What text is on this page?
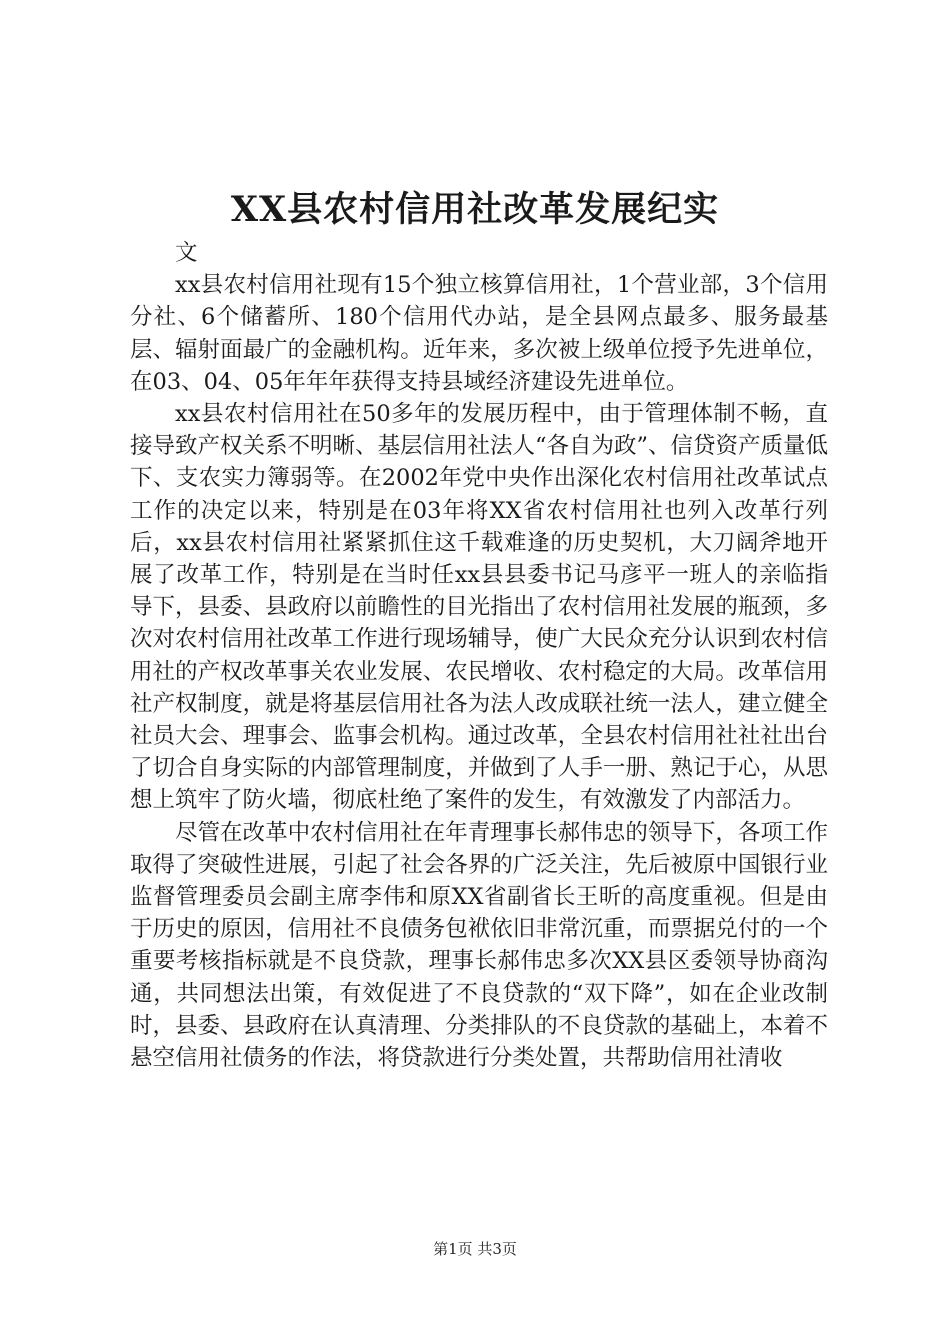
XX县农村信用社改革发展纪实

文

xx县农村信用社现有15个独立核算信用社，1个营业部，3个信用分社、6个储蓄所、180个信用代办站，是全县网点最多、服务最基层、辐射面最广的金融机构。近年来，多次被上级单位授予先进单位，在03、04、05年年年获得支持县域经济建设先进单位。

xx县农村信用社在50多年的发展历程中，由于管理体制不畅，直接导致产权关系不明晰、基层信用社法人“各自为政”、信贷资产质量低下、支农实力簿弱等。在2002年党中央作出深化农村信用社改革试点工作的决定以来，特别是在03年将XX省农村信用社也列入改革行列后，xx县农村信用社紧紧抓住这千载难逢的历史契机，大刀阔斧地开展了改革工作，特别是在当时任xx县县委书记马彦平一班人的亲临指导下，县委、县政府以前瞻性的目光指出了农村信用社发展的瓶颈，多次对农村信用社改革工作进行现场辅导，使广大民众充分认识到农村信用社的产权改革事关农业发展、农民增收、农村稳定的大局。改革信用社产权制度，就是将基层信用社各为法人改成联社统一法人，建立健全社员大会、理事会、监事会机构。通过改革，全县农村信用社社社出台了切合自身实际的内部管理制度，并做到了人手一册、熟记于心，从思想上筑牢了防火墙，彻底杜绝了案件的发生，有效激发了内部活力。

尽管在改革中农村信用社在年青理事长郝伟忠的领导下，各项工作取得了突破性进展，引起了社会各界的广泛关注，先后被原中国银行业监督管理委员会副主席李伟和原XX省副省长王昕的高度重视。但是由于历史的原因，信用社不良债务包袱依旧非常沉重，而票据兑付的一个重要考核指标就是不良贷款，理事长郝伟忠多次XX县区委领导协商沟通，共同想法出策，有效促进了不良贷款的“双下降”，如在企业改制时，县委、县政府在认真清理、分类排队的不良贷款的基础上，本着不悬空信用社债务的作法，将贷款进行分类处置，共帮助信用社清收

第1页 共3页
